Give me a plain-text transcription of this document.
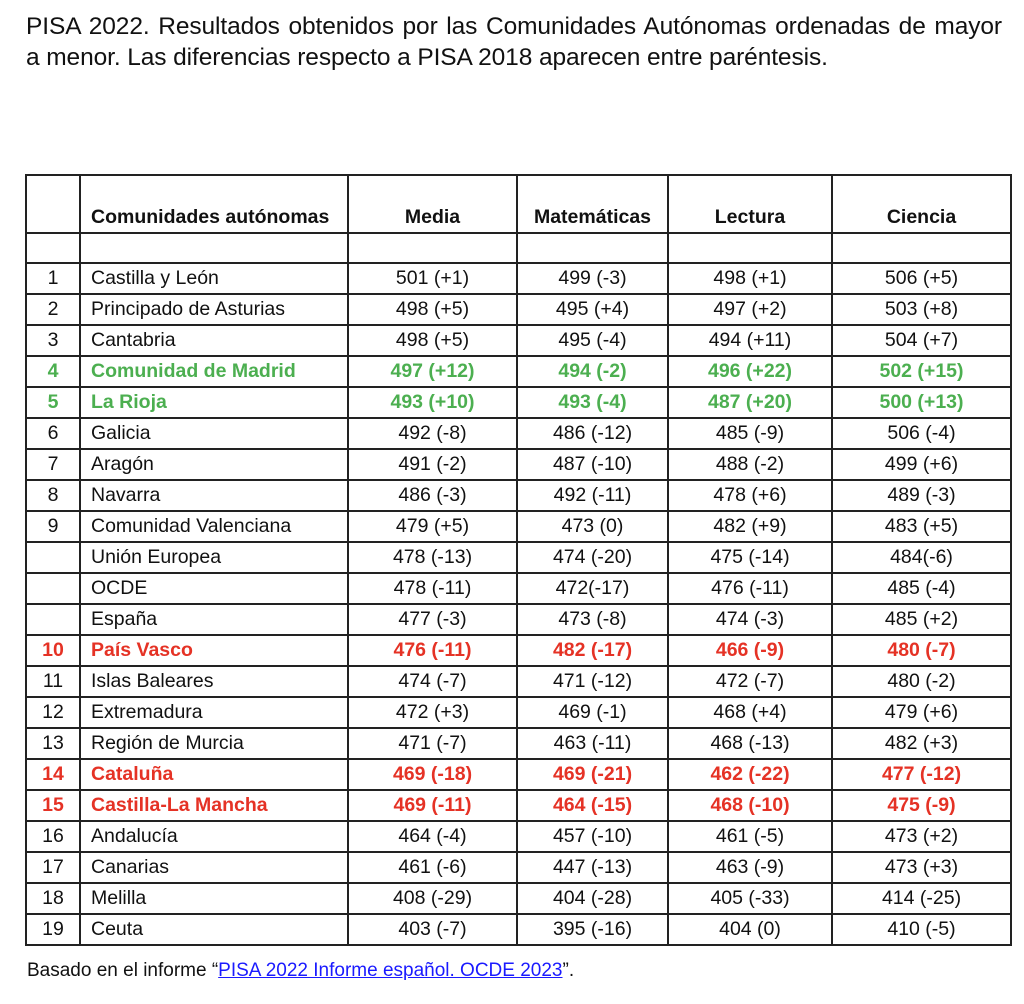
PISA 2022. Resultados obtenidos por las Comunidades Autónomas ordenadas de mayor a menor. Las diferencias respecto a PISA 2018 aparecen entre paréntesis.
	Comunidades autónomas	Media	Matemáticas	Lectura	Ciencia

1	Castilla y León	501 (+1)	499 (-3)	498 (+1)	506 (+5)
2	Principado de Asturias	498 (+5)	495 (+4)	497 (+2)	503 (+8)
3	Cantabria	498 (+5)	495 (-4)	494 (+11)	504 (+7)
4	Comunidad de Madrid	497 (+12)	494 (-2)	496 (+22)	502 (+15)
5	La Rioja	493 (+10)	493 (-4)	487 (+20)	500 (+13)
6	Galicia	492 (-8)	486 (-12)	485 (-9)	506 (-4)
7	Aragón	491 (-2)	487 (-10)	488 (-2)	499 (+6)
8	Navarra	486 (-3)	492 (-11)	478 (+6)	489 (-3)
9	Comunidad Valenciana	479 (+5)	473 (0)	482 (+9)	483 (+5)
	Unión Europea	478 (-13)	474 (-20)	475 (-14)	484(-6)
	OCDE	478 (-11)	472(-17)	476 (-11)	485 (-4)
	España	477 (-3)	473 (-8)	474 (-3)	485 (+2)
10	País Vasco	476 (-11)	482 (-17)	466 (-9)	480 (-7)
11	Islas Baleares	474 (-7)	471 (-12)	472 (-7)	480 (-2)
12	Extremadura	472 (+3)	469 (-1)	468 (+4)	479 (+6)
13	Región de Murcia	471 (-7)	463 (-11)	468 (-13)	482 (+3)
14	Cataluña	469 (-18)	469 (-21)	462 (-22)	477 (-12)
15	Castilla-La Mancha	469 (-11)	464 (-15)	468 (-10)	475 (-9)
16	Andalucía	464 (-4)	457 (-10)	461 (-5)	473 (+2)
17	Canarias	461 (-6)	447 (-13)	463 (-9)	473 (+3)
18	Melilla	408 (-29)	404 (-28)	405 (-33)	414 (-25)
19	Ceuta	403 (-7)	395 (-16)	404 (0)	410 (-5)
Basado en el informe “PISA 2022 Informe español. OCDE 2023”.
